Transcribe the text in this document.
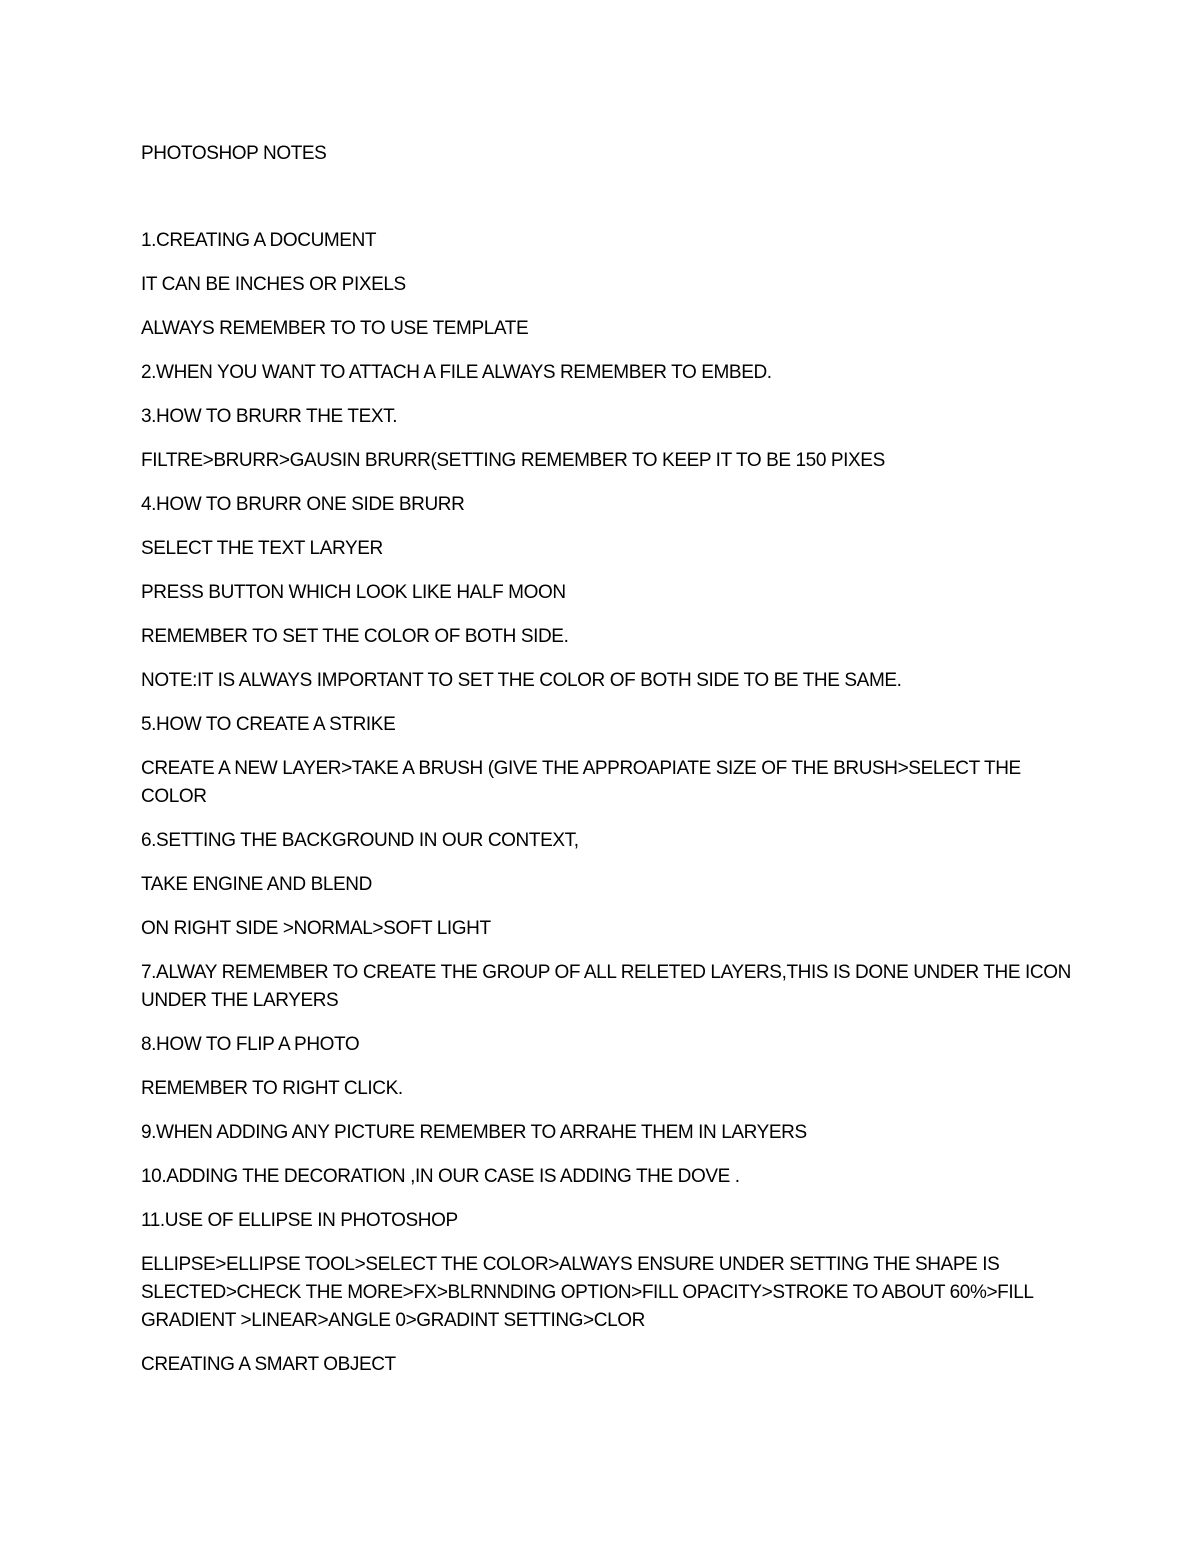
PHOTOSHOP NOTES
1.CREATING A DOCUMENT
IT CAN BE INCHES OR PIXELS
ALWAYS REMEMBER TO TO USE TEMPLATE
2.WHEN YOU WANT TO ATTACH A FILE ALWAYS REMEMBER TO EMBED.
3.HOW TO BRURR THE TEXT.
FILTRE>BRURR>GAUSIN BRURR(SETTING REMEMBER TO KEEP IT TO BE 150 PIXES
4.HOW TO BRURR ONE SIDE BRURR
SELECT THE TEXT LARYER
PRESS BUTTON WHICH LOOK LIKE HALF MOON
REMEMBER TO SET THE COLOR OF BOTH SIDE.
NOTE:IT IS ALWAYS IMPORTANT TO SET THE COLOR OF BOTH SIDE TO BE THE SAME.
5.HOW TO CREATE A STRIKE
CREATE A NEW LAYER>TAKE A BRUSH (GIVE THE APPROAPIATE SIZE OF THE BRUSH>SELECT THE COLOR
6.SETTING THE BACKGROUND IN OUR CONTEXT,
TAKE ENGINE AND BLEND
ON RIGHT SIDE >NORMAL>SOFT LIGHT
7.ALWAY REMEMBER TO CREATE THE GROUP OF ALL RELETED LAYERS,THIS IS DONE UNDER THE ICON UNDER THE LARYERS
8.HOW TO FLIP A PHOTO
REMEMBER TO RIGHT CLICK.
9.WHEN ADDING ANY PICTURE REMEMBER TO ARRAHE THEM IN LARYERS
10.ADDING THE DECORATION ,IN OUR CASE IS ADDING THE DOVE .
11.USE OF ELLIPSE IN PHOTOSHOP
ELLIPSE>ELLIPSE TOOL>SELECT THE COLOR>ALWAYS ENSURE UNDER SETTING THE SHAPE IS SLECTED>CHECK THE MORE>FX>BLRNNDING OPTION>FILL OPACITY>STROKE TO ABOUT 60%>FILL GRADIENT >LINEAR>ANGLE 0>GRADINT SETTING>CLOR
CREATING A SMART OBJECT
